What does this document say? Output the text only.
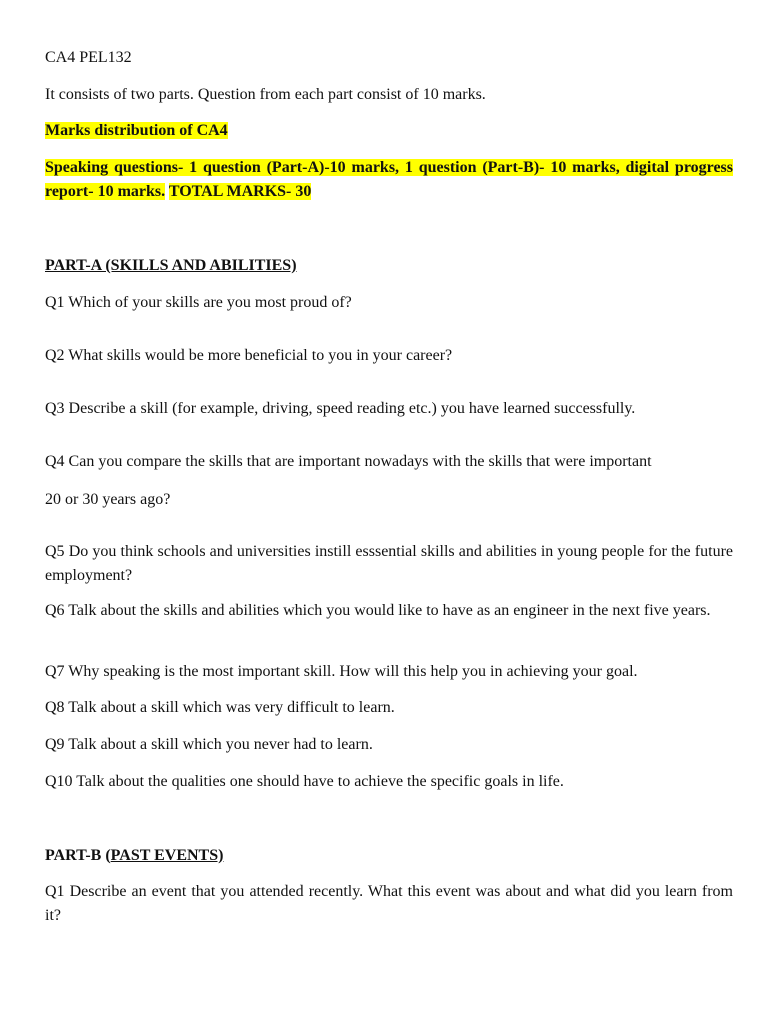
CA4 PEL132
It consists of two parts. Question from each part consist of 10 marks.
Marks distribution of CA4
Speaking questions- 1 question (Part-A)-10 marks, 1 question (Part-B)- 10 marks, digital progress report- 10 marks. TOTAL MARKS- 30
PART-A (SKILLS AND ABILITIES)
Q1 Which of your skills are you most proud of?
Q2 What skills would be more beneficial to you in your career?
Q3 Describe a skill (for example, driving, speed reading etc.) you have learned successfully.
Q4 Can you compare the skills that are important nowadays with the skills that were important
20 or 30 years ago?
Q5 Do you think schools and universities instill esssential skills and abilities in young people for the future employment?
Q6 Talk about the skills and abilities which you would like to have as an engineer in the next five years.
Q7 Why speaking is the most important skill. How will this help you in achieving your goal.
Q8 Talk about a skill which was very difficult to learn.
Q9 Talk about a skill which you never had to learn.
Q10 Talk about the qualities one should have to achieve the specific goals in life.
PART-B (PAST EVENTS)
Q1 Describe an event that you attended recently. What this event was about and what did you learn from it?
